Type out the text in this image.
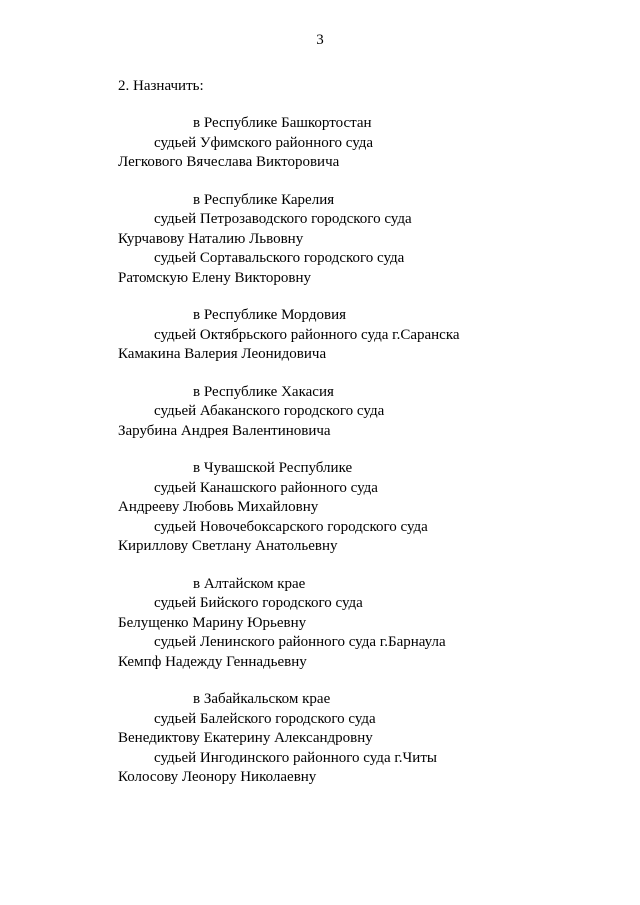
3
2. Назначить:
в Республике Башкортостан
судьей Уфимского районного суда
Легкового Вячеслава Викторовича
в Республике Карелия
судьей Петрозаводского городского суда
Курчавову Наталию Львовну
судьей Сортавальского городского суда
Ратомскую Елену Викторовну
в Республике Мордовия
судьей Октябрьского районного суда г.Саранска
Камакина Валерия Леонидовича
в Республике Хакасия
судьей Абаканского городского суда
Зарубина Андрея Валентиновича
в Чувашской Республике
судьей Канашского районного суда
Андрееву Любовь Михайловну
судьей Новочебоксарского городского суда
Кириллову Светлану Анатольевну
в Алтайском крае
судьей Бийского городского суда
Белущенко Марину Юрьевну
судьей Ленинского районного суда г.Барнаула
Кемпф Надежду Геннадьевну
в Забайкальском крае
судьей Балейского городского суда
Венедиктову Екатерину Александровну
судьей Ингодинского районного суда г.Читы
Колосову Леонору Николаевну
